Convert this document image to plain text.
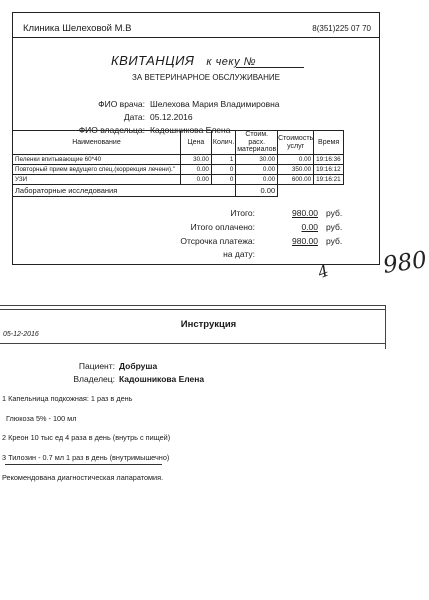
Клиника Шелеховой М.В	8(351)225 07 70
КВИТАНЦИЯ к чеку №
ЗА ВЕТЕРИНАРНОЕ ОБСЛУЖИВАНИЕ
ФИО врача: Шелехова Мария Владимировна
Дата: 05.12.2016
ФИО владельца: Кадошникова Елена
Наименование	Цена	Колич.	Стоим. расх. материалов	Стоимость услуг	Время
Пеленки впитывающие 60*40	30.00	1	30.00	0.00	19:16:36
Повторный прием ведущего спец.(коррекция лечени)."	0.00	0	0.00	350.00	19:16:12
УЗИ	0.00	0	0.00	600.00	19:16:21
Лабораторные исследования			0.00		
Итого:	980.00 руб.
Итого оплачено:	0.00 руб.
Отсрочка платежа:	980.00 руб.
на дату:	980
4
Инструкция
05-12-2016
Пациент: Добруша
Владелец: Кадошникова Елена
1 Капельница подкожная: 1 раз в день
Глюкоза 5% - 100 мл
2 Креон 10 тыс ед 4 раза в день (внутрь с пищей)
3 Тилозин - 0.7 мл 1 раз в день (внутримышечно)
Рекомендована диагностическая лапаратомия.
